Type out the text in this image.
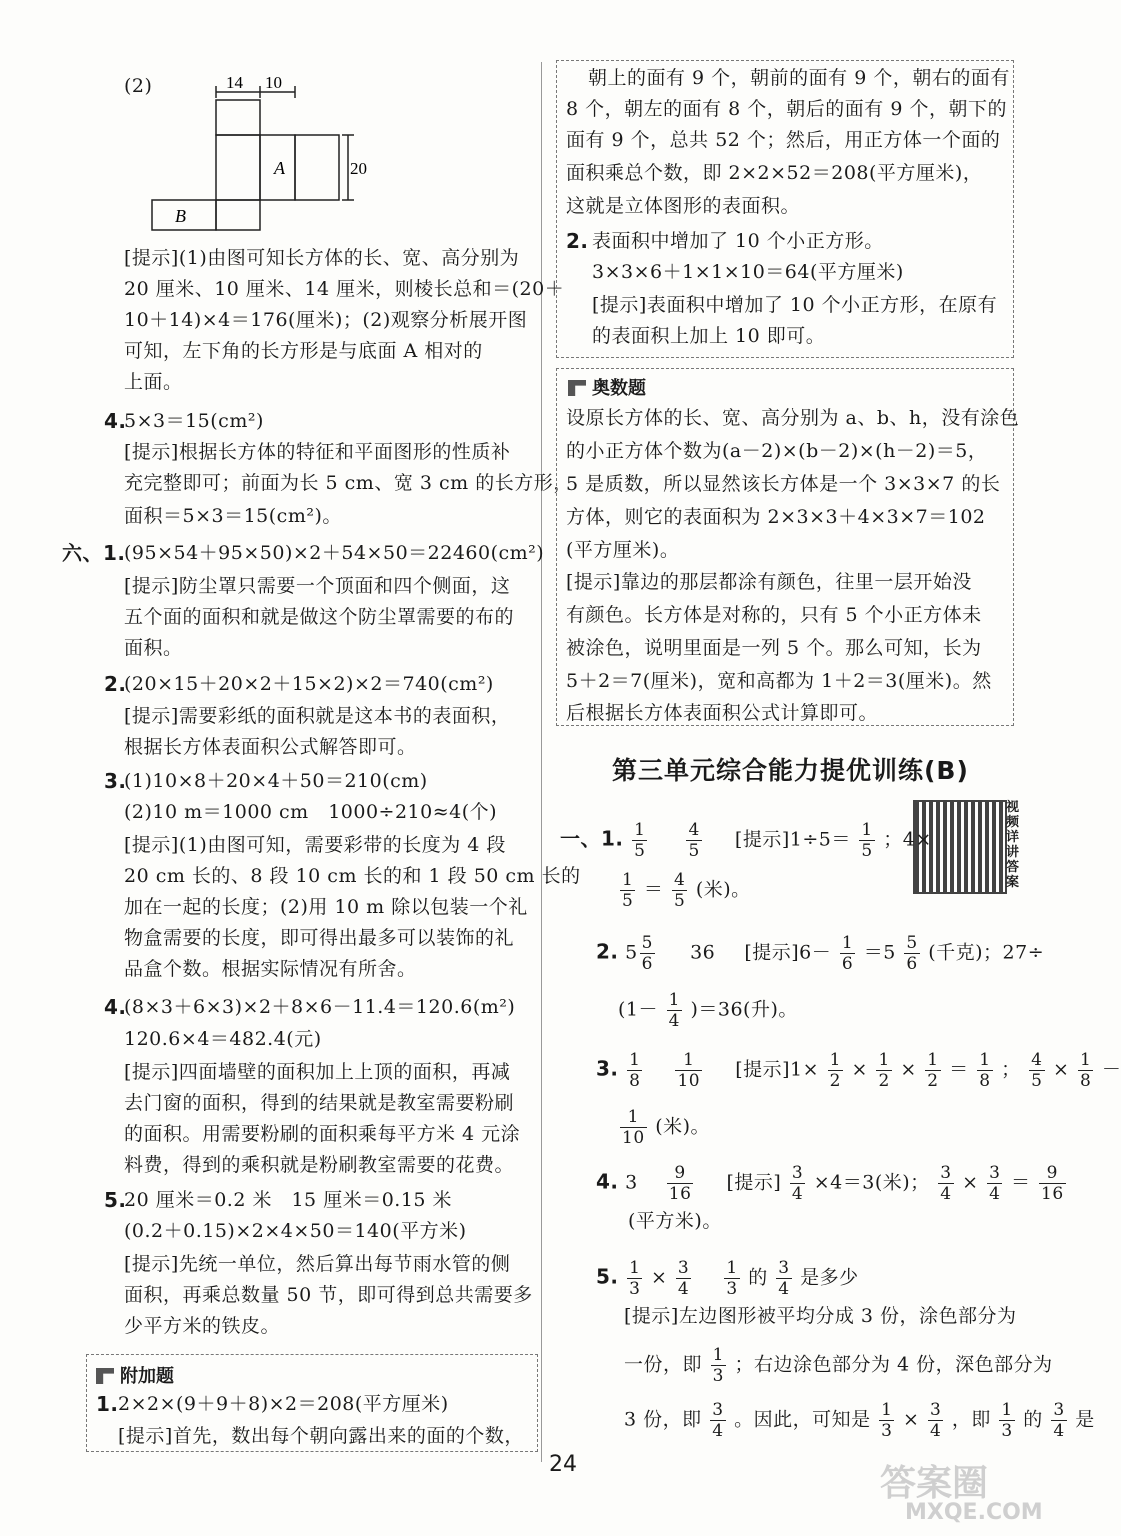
(2)	14 10
20
A
B
[提示](1)由图可知长方体的长、宽、高分别为
20 厘米、10 厘米、14 厘米，则棱长总和＝(20＋
10＋14)×4＝176(厘米)；(2)观察分析展开图
可知，左下角的长方形是与底面 A 相对的
上面。
4.
5×3＝15(cm²)
[提示]根据长方体的特征和平面图形的性质补
充完整即可；前面为长 5 cm、宽 3 cm 的长方形，
面积＝5×3＝15(cm²)。
六、1.
(95×54＋95×50)×2＋54×50＝22460(cm²)
[提示]防尘罩只需要一个顶面和四个侧面，这
五个面的面积和就是做这个防尘罩需要的布的
面积。
2.
(20×15＋20×2＋15×2)×2＝740(cm²)
[提示]需要彩纸的面积就是这本书的表面积，
根据长方体表面积公式解答即可。
3.
(1)10×8＋20×4＋50＝210(cm)
(2)10 m＝1000 cm　1000÷210≈4(个)
[提示](1)由图可知，需要彩带的长度为 4 段
20 cm 长的、8 段 10 cm 长的和 1 段 50 cm 长的
加在一起的长度；(2)用 10 m 除以包装一个礼
物盒需要的长度，即可得出最多可以装饰的礼
品盒个数。根据实际情况有所舍。
4.
(8×3＋6×3)×2＋8×6－11.4＝120.6(m²)
120.6×4＝482.4(元)
[提示]四面墙壁的面积加上上顶的面积，再减
去门窗的面积，得到的结果就是教室需要粉刷
的面积。用需要粉刷的面积乘每平方米 4 元涂
料费，得到的乘积就是粉刷教室需要的花费。
5.
20 厘米＝0.2 米　15 厘米＝0.15 米
(0.2＋0.15)×2×4×50＝140(平方米)
[提示]先统一单位，然后算出每节雨水管的侧
面积，再乘总数量 50 节，即可得到总共需要多
少平方米的铁皮。
附加题
1. 2×2×(9＋9＋8)×2＝208(平方厘米)
[提示]首先，数出每个朝向露出来的面的个数，
朝上的面有 9 个，朝前的面有 9 个，朝右的面有
8 个，朝左的面有 8 个，朝后的面有 9 个，朝下的
面有 9 个，总共 52 个；然后，用正方体一个面的
面积乘总个数，即 2×2×52＝208(平方厘米)，
这就是立体图形的表面积。
2. 表面积中增加了 10 个小正方形。
3×3×6＋1×1×10＝64(平方厘米)
[提示]表面积中增加了 10 个小正方形，在原有
的表面积上加上 10 即可。
奥数题
设原长方体的长、宽、高分别为 a、b、h，没有涂色
的小正方体个数为(a－2)×(b－2)×(h－2)＝5，
5 是质数，所以显然该长方体是一个 3×3×7 的长
方体，则它的表面积为 2×3×3＋4×3×7＝102
(平方厘米)。
[提示]靠边的那层都涂有颜色，往里一层开始没
有颜色。长方体是对称的，只有 5 个小正方体未
被涂色，说明里面是一列 5 个。那么可知，长为
5＋2＝7(厘米)，宽和高都为 1＋2＝3(厘米)。然
后根据长方体表面积公式计算即可。
第三单元综合能力提优训练(B)
视频详讲答案
一、1. $\frac{1}{5}$
$\frac{4}{5}$ [提示]$1\div 5= \frac{1}{5}$ ；4×
$\frac{1}{5} = \frac{4}{5}$ (米)。
2. $5 \frac{5}{6} 36$ [提示]$6- \frac{1}{6} =5 \frac{5}{6}$ (千克)；27÷
$(1- \frac{1}{4} )=36$(升)。
3. $\frac{1}{8}$
$\frac{1}{10}$ [提示]$1\times \frac{1}{2} \times \frac{1}{2} \times \frac{1}{2} = \frac{1}{8}$ ； $\frac{4}{5} \times \frac{1}{8}$ －
$\frac{1}{10}$ (米)。
4. $3 \frac{9}{16}$ [提示] $\frac{3}{4} \times 4=3$(米)； $\frac{3}{4} \times \frac{3}{4} = \frac{9}{16}$
(平方米)。
5. $\frac{1}{3} \times \frac{3}{4}$
$\frac{1}{3}$ 的 $\frac{3}{4}$ 是多少
[提示]左边图形被平均分成 3 份，涂色部分为
一份，即 $\frac{1}{3}$ ；右边涂色部分为 4 份，深色部分为
3 份，即 $\frac{3}{4}$ 。因此，可知是 $\frac{1}{3} \times \frac{3}{4}$ ，即 $\frac{1}{3}$ 的 $\frac{3}{4}$ 是
24	答案圈
MXQE.COM
